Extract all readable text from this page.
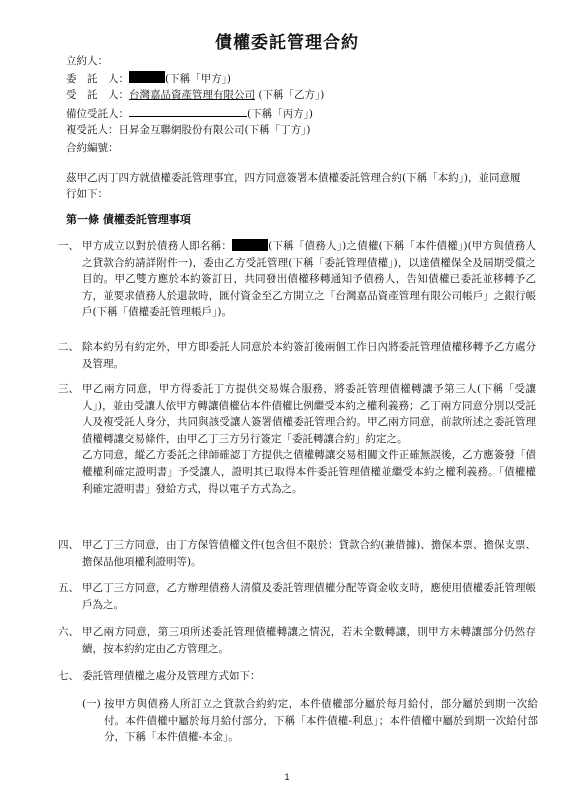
債權委託管理合約
立約人：
委　託　人：	(下稱「甲方」)
受　託　人：台灣嘉品資產管理有限公司 (下稱「乙方」)
備位受託人：	(下稱「丙方」)
複受託人：日昇金互聯網股份有限公司(下稱「丁方」)
合約編號：
茲甲乙丙丁四方就債權委託管理事宜，四方同意簽署本債權委託管理合約(下稱「本約」)，並同意履行如下：
第一條 債權委託管理事項
一、 甲方成立以對於債務人即名稱：	(下稱「債務人」)之債權(下稱「本件債權」)(甲方與債務人之貸款合約請詳附件一)，委由乙方受託管理(下稱「委託管理債權」)，以達債權保全及屆期受償之目的。甲乙雙方應於本約簽訂日，共同發出債權移轉通知予債務人，告知債權已委託並移轉予乙方，並要求債務人於還款時，匯付資金至乙方開立之「台灣嘉品資產管理有限公司帳戶」之銀行帳戶(下稱「債權委託管理帳戶」)。
二、 除本約另有約定外，甲方即委託人同意於本約簽訂後兩個工作日內將委託管理債權移轉予乙方處分及管理。
三、 甲乙兩方同意，甲方得委託丁方提供交易媒合服務，將委託管理債權轉讓予第三人(下稱「受讓人」)，並由受讓人依甲方轉讓債權佔本件債權比例繼受本約之權利義務；乙丁兩方同意分別以受託人及複受託人身分，共同與該受讓人簽署債權委託管理合約。甲乙兩方同意，前款所述之委託管理債權轉讓交易條件，由甲乙丁三方另行簽定「委託轉讓合約」約定之。

乙方同意，縱乙方委託之律師確認丁方提供之債權轉讓交易相關文件正確無誤後，乙方應簽發「債權權利確定證明書」予受讓人，證明其已取得本件委託管理債權並繼受本約之權利義務。「債權權利確定證明書」發給方式，得以電子方式為之。

四、 甲乙丁三方同意，由丁方保管債權文件(包含但不限於：貸款合約(兼借據)、擔保本票、擔保支票、擔保品他項權利證明等)。
五、 甲乙丁三方同意，乙方辦理債務人清償及委託管理債權分配等資金收支時，應使用債權委託管理帳戶為之。
六、 甲乙兩方同意，第三項所述委託管理債權轉讓之情況，若未全數轉讓，則甲方未轉讓部分仍然存續，按本約約定由乙方管理之。
七、 委託管理債權之處分及管理方式如下：
(一) 按甲方與債務人所訂立之貸款合約約定，本件債權部分屬於每月給付，部分屬於到期一次給付。本件債權中屬於每月給付部分，下稱「本件債權-利息」；本件債權中屬於到期一次給付部分，下稱「本件債權-本金」。
1
